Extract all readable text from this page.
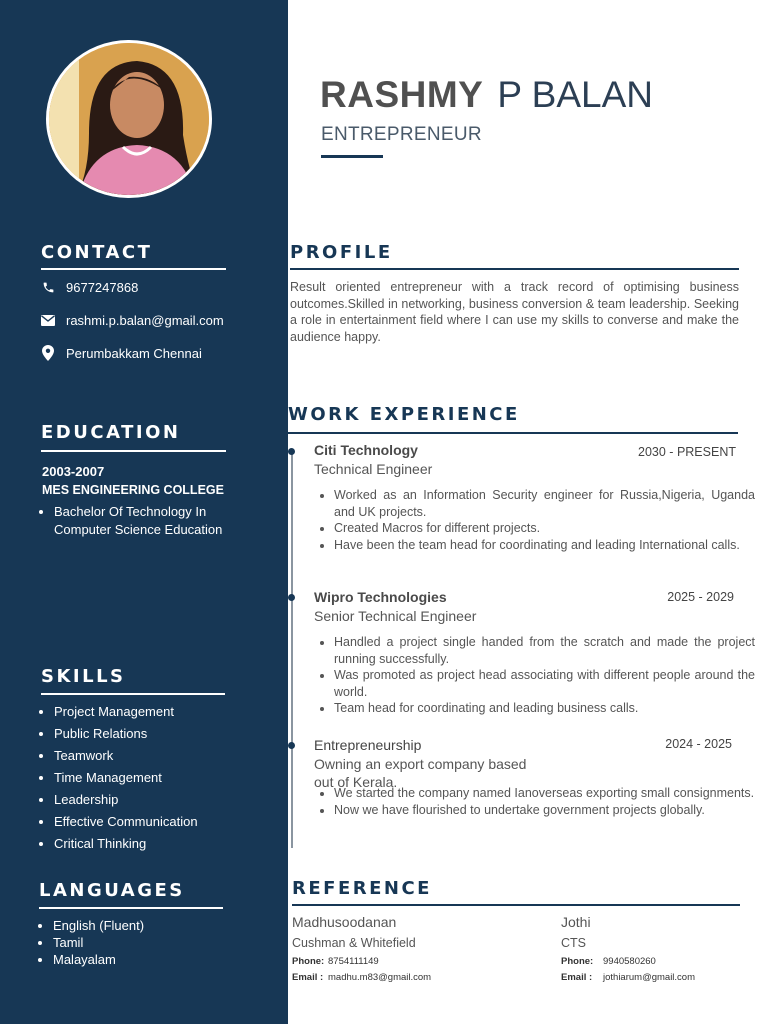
CONTACT
9677247868
rashmi.p.balan@gmail.com
Perumbakkam Chennai
EDUCATION
2003-2007
MES ENGINEERING COLLEGE
• Bachelor Of Technology In Computer Science Education
SKILLS
• Project Management
• Public Relations
• Teamwork
• Time Management
• Leadership
• Effective Communication
• Critical Thinking
LANGUAGES
• English (Fluent)
• Tamil
• Malayalam
RASHMY P BALAN
ENTREPRENEUR
PROFILE
Result oriented entrepreneur with a track record of optimising business outcomes.Skilled in networking, business conversion & team leadership. Seeking a role in entertainment field where I can use my skills to converse and make the audience happy.
WORK EXPERIENCE
Citi Technology	2030 - PRESENT
Technical Engineer
• Worked as an Information Security engineer for Russia,Nigeria, Uganda and UK projects.
• Created Macros for different projects.
• Have been the team head for coordinating and leading International calls.
Wipro Technologies	2025 - 2029
Senior Technical Engineer
• Handled a project single handed from the scratch and made the project running successfully.
• Was promoted as project head associating with different people around the world.
• Team head for coordinating and leading business calls.
Entrepreneurship	2024 - 2025
Owning an export company based out of Kerala.
• We started the company named Ianoverseas exporting small consignments.
• Now we have flourished to undertake government projects globally.
REFERENCE
Madhusoodanan
Cushman & Whitefield
Phone: 8754111149
Email : madhu.m83@gmail.com
Jothi
CTS
Phone: 9940580260
Email : jothiarum@gmail.com
